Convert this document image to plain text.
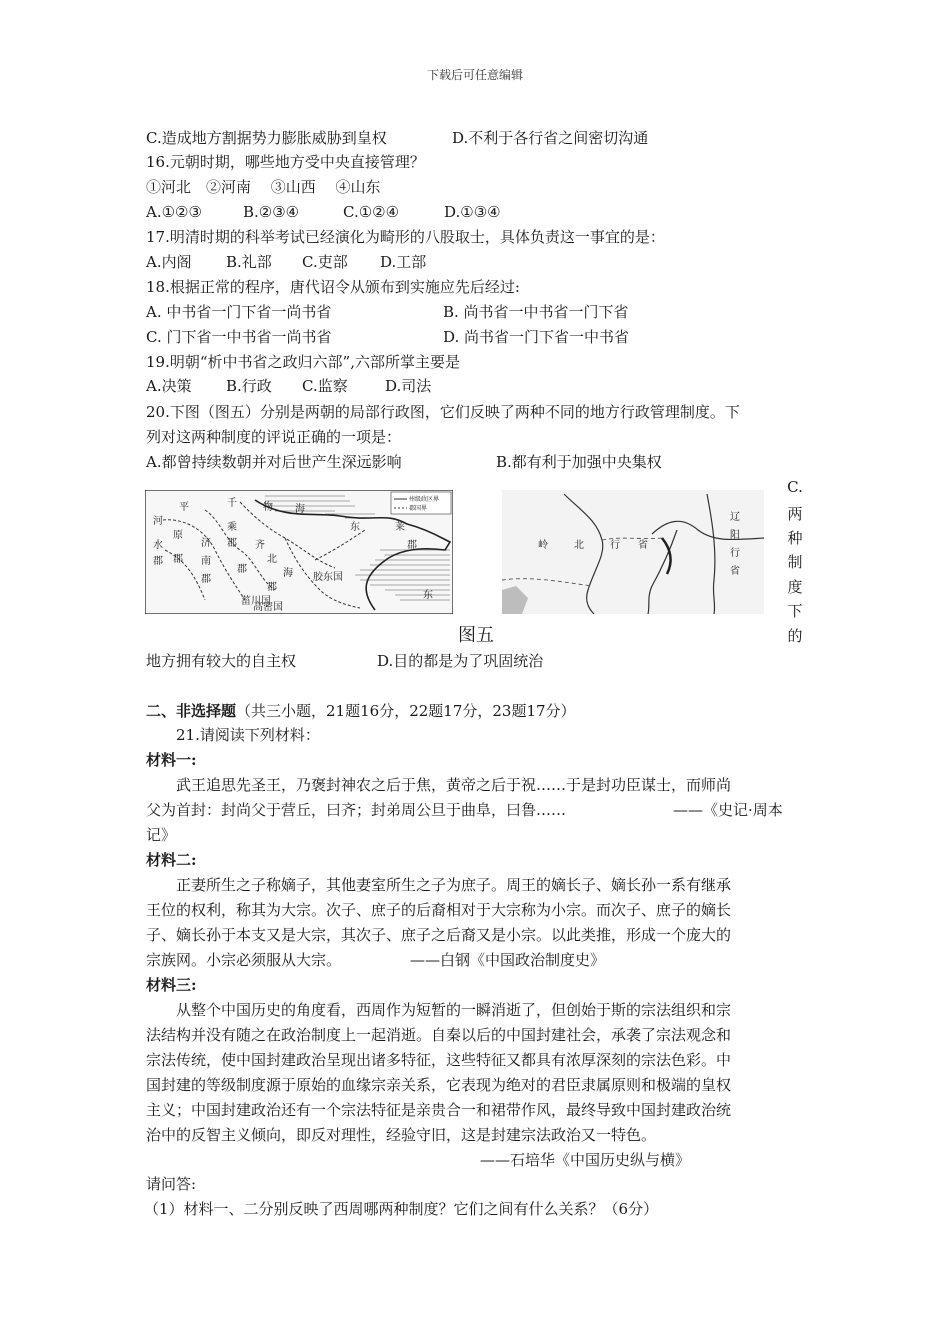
下载后可任意编辑
C.造成地方割据势力膨胀威胁到皇权	D.不利于各行省之间密切沟通
16.元朝时期，哪些地方受中央直接管理？
①河北　②河南　 ③山西　 ④山东
A.①②③	B.②③④	C.①②④	D.①③④
17.明清时期的科举考试已经演化为畸形的八股取士，具体负责这一事宜的是：
A.内阁 B.礼部 C.吏部 D.工部
18.根据正常的程序，唐代诏令从颁布到实施应先后经过:
A. 中书省一门下省一尚书省	B. 尚书省一中书省一门下省
C. 门下省一中书省一尚书省	D. 尚书省一门下省一中书省
19.明朝“析中书省之政归六部”,六部所掌主要是
A.决策 B.行政 C.监察 D.司法
20.下图（图五）分别是两朝的局部行政图，它们反映了两种不同的地方行政管理制度。下
列对这两种制度的评说正确的一项是：
A.都曾持续数朝并对后世产生深远影响	B.都有利于加强中央集权
州级政区界
郡国界
平	千	物 海
东	莱
原
济
乘
齐
郡
郡 南
郡
北
海 胶东国
东
郡
郡
郡
菑川国
高密国
河
水
郡
辽
阳
行
省
岭	北	行 省
C.
两
种
制
度
下
的
图五
地方拥有较大的自主权	D.目的都是为了巩固统治
二、非选择题（共三小题，21题16分，22题17分，23题17分）
21.请阅读下列材料：
材料一:
武王追思先圣王，乃褒封神农之后于焦，黄帝之后于祝……于是封功臣谋士，而师尚
父为首封：封尚父于营丘，曰齐；封弟周公旦于曲阜，曰鲁……	——《史记·周本
记》
材料二:
正妻所生之子称嫡子，其他妻室所生之子为庶子。周王的嫡长子、嫡长孙一系有继承
王位的权利，称其为大宗。次子、庶子的后裔相对于大宗称为小宗。而次子、庶子的嫡长
子、嫡长孙于本支又是大宗，其次子、庶子之后裔又是小宗。以此类推，形成一个庞大的
宗族网。小宗必须服从大宗。	——白钢《中国政治制度史》
材料三:
从整个中国历史的角度看，西周作为短暂的一瞬消逝了，但创始于斯的宗法组织和宗
法结构并没有随之在政治制度上一起消逝。自秦以后的中国封建社会，承袭了宗法观念和
宗法传统，使中国封建政治呈现出诸多特征，这些特征又都具有浓厚深刻的宗法色彩。中
国封建的等级制度源于原始的血缘宗亲关系，它表现为绝对的君臣隶属原则和极端的皇权
主义；中国封建政治还有一个宗法特征是亲贵合一和裙带作风，最终导致中国封建政治统
治中的反智主义倾向，即反对理性，经验守旧，这是封建宗法政治又一特色。
——石培华《中国历史纵与横》
请问答:
（1）材料一、二分别反映了西周哪两种制度？它们之间有什么关系？（6分）
